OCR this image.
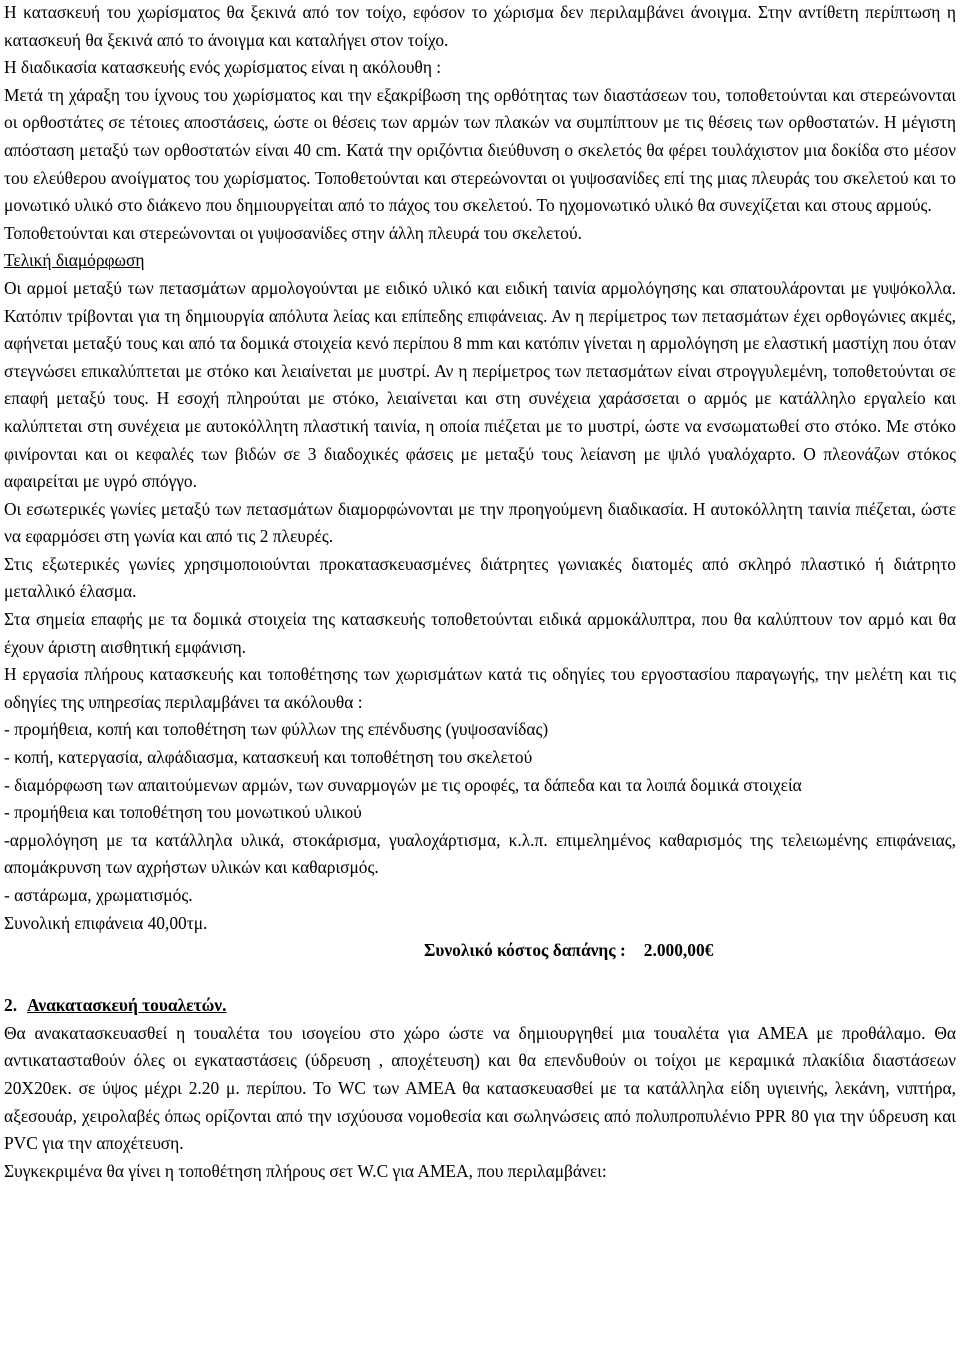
Η κατασκευή του χωρίσματος θα ξεκινά από τον τοίχο, εφόσον το χώρισμα δεν περιλαμβάνει άνοιγμα. Στην αντίθετη περίπτωση η κατασκευή θα ξεκινά από το άνοιγμα και καταλήγει στον τοίχο.

Η διαδικασία κατασκευής ενός χωρίσματος είναι η ακόλουθη :

Μετά τη χάραξη του ίχνους του χωρίσματος και την εξακρίβωση της ορθότητας των διαστάσεων του, τοποθετούνται και στερεώνονται οι ορθοστάτες σε τέτοιες αποστάσεις, ώστε οι θέσεις των αρμών των πλακών να συμπίπτουν με τις θέσεις των ορθοστατών. Η μέγιστη απόσταση μεταξύ των ορθοστατών είναι 40 cm. Κατά την οριζόντια διεύθυνση ο σκελετός θα φέρει τουλάχιστον μια δοκίδα στο μέσον του ελεύθερου ανοίγματος του χωρίσματος. Τοποθετούνται και στερεώνονται οι γυψοσανίδες επί της μιας πλευράς του σκελετού και το μονωτικό υλικό στο διάκενο που δημιουργείται από το πάχος του σκελετού. Το ηχομονωτικό υλικό θα συνεχίζεται και στους αρμούς.

Τοποθετούνται και στερεώνονται οι γυψοσανίδες στην άλλη πλευρά του σκελετού.

Τελική διαμόρφωση

Οι αρμοί μεταξύ των πετασμάτων αρμολογούνται με ειδικό υλικό και ειδική ταινία αρμολόγησης και σπατουλάρονται με γυψόκολλα. Κατόπιν τρίβονται για τη δημιουργία απόλυτα λείας και επίπεδης επιφάνειας. Αν η περίμετρος των πετασμάτων έχει ορθογώνιες ακμές, αφήνεται μεταξύ τους και από τα δομικά στοιχεία κενό περίπου 8 mm και κατόπιν γίνεται η αρμολόγηση με ελαστική μαστίχη που όταν στεγνώσει επικαλύπτεται με στόκο και λειαίνεται με μυστρί. Αν η περίμετρος των πετασμάτων είναι στρογγυλεμένη, τοποθετούνται σε επαφή μεταξύ τους. Η εσοχή πληρούται με στόκο, λειαίνεται και στη συνέχεια χαράσσεται ο αρμός με κατάλληλο εργαλείο και καλύπτεται στη συνέχεια με αυτοκόλλητη πλαστική ταινία, η οποία πιέζεται με το μυστρί, ώστε να ενσωματωθεί στο στόκο. Με στόκο φινίρονται και οι κεφαλές των βιδών σε 3 διαδοχικές φάσεις με μεταξύ τους λείανση με ψιλό γυαλόχαρτο. Ο πλεονάζων στόκος αφαιρείται με υγρό σπόγγο.

Οι εσωτερικές γωνίες μεταξύ των πετασμάτων διαμορφώνονται με την προηγούμενη διαδικασία. Η αυτοκόλλητη ταινία πιέζεται, ώστε να εφαρμόσει στη γωνία και από τις 2 πλευρές.

Στις εξωτερικές γωνίες χρησιμοποιούνται προκατασκευασμένες διάτρητες γωνιακές διατομές από σκληρό πλαστικό ή διάτρητο μεταλλικό έλασμα.

Στα σημεία επαφής με τα δομικά στοιχεία της κατασκευής τοποθετούνται ειδικά αρμοκάλυπτρα, που θα καλύπτουν τον αρμό και θα έχουν άριστη αισθητική εμφάνιση.

Η εργασία πλήρους κατασκευής και τοποθέτησης των χωρισμάτων κατά τις οδηγίες του εργοστασίου παραγωγής, την μελέτη και τις οδηγίες της υπηρεσίας περιλαμβάνει τα ακόλουθα :

- προμήθεια, κοπή και τοποθέτηση των φύλλων της επένδυσης (γυψοσανίδας)

- κοπή, κατεργασία, αλφάδιασμα, κατασκευή και τοποθέτηση του σκελετού

- διαμόρφωση των απαιτούμενων αρμών, των συναρμογών με τις οροφές, τα δάπεδα και τα λοιπά δομικά στοιχεία

- προμήθεια και τοποθέτηση του μονωτικού υλικού

-αρμολόγηση με τα κατάλληλα υλικά, στοκάρισμα, γυαλοχάρτισμα, κ.λ.π. επιμελημένος καθαρισμός της τελειωμένης επιφάνειας, απομάκρυνση των αχρήστων υλικών και καθαρισμός.

- αστάρωμα, χρωματισμός.

Συνολική επιφάνεια 40,00τμ.

Συνολικό κόστος δαπάνης : 2.000,00€

2. Ανακατασκευή τουαλετών.

Θα ανακατασκευασθεί η τουαλέτα του ισογείου στο χώρο ώστε να δημιουργηθεί μια τουαλέτα για ΑΜΕΑ με προθάλαμο. Θα αντικατασταθούν όλες οι εγκαταστάσεις (ύδρευση , αποχέτευση) και θα επενδυθούν οι τοίχοι με κεραμικά πλακίδια διαστάσεων 20Χ20εκ. σε ύψος μέχρι 2.20 μ. περίπου. Το WC των ΑΜΕΑ θα κατασκευασθεί με τα κατάλληλα είδη υγιεινής, λεκάνη, νιπτήρα, αξεσουάρ, χειρολαβές όπως ορίζονται από την ισχύουσα νομοθεσία και σωληνώσεις από πολυπροπυλένιο PPR 80 για την ύδρευση και PVC για την αποχέτευση.

Συγκεκριμένα θα γίνει η τοποθέτηση πλήρους σετ W.C για ΑΜΕΑ, που περιλαμβάνει:
